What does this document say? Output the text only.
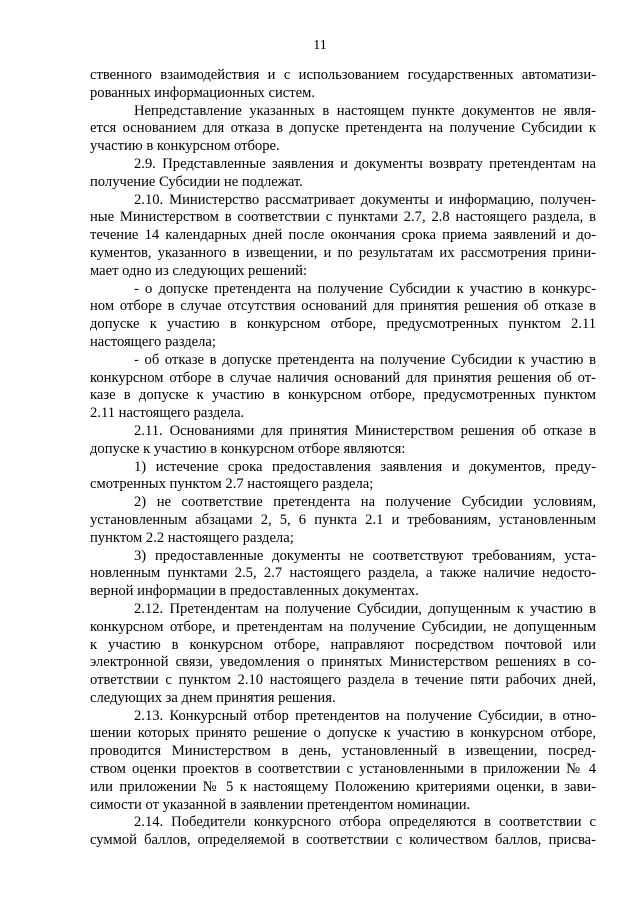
11
ственного взаимодействия и с использованием государственных автоматизи-
рованных информационных систем.
Непредставление указанных в настоящем пункте документов не явля-
ется основанием для отказа в допуске претендента на получение Субсидии к
участию в конкурсном отборе.
2.9. Представленные заявления и документы возврату претендентам на
получение Субсидии не подлежат.
2.10. Министерство рассматривает документы и информацию, получен-
ные Министерством в соответствии с пунктами 2.7, 2.8 настоящего раздела, в
течение 14 календарных дней после окончания срока приема заявлений и до-
кументов, указанного в извещении, и по результатам их рассмотрения прини-
мает одно из следующих решений:
- о допуске претендента на получение Субсидии к участию в конкурс-
ном отборе в случае отсутствия оснований для принятия решения об отказе в
допуске к участию в конкурсном отборе, предусмотренных пунктом 2.11
настоящего раздела;
- об отказе в допуске претендента на получение Субсидии к участию в
конкурсном отборе в случае наличия оснований для принятия решения об от-
казе в допуске к участию в конкурсном отборе, предусмотренных пунктом
2.11 настоящего раздела.
2.11. Основаниями для принятия Министерством решения об отказе в
допуске к участию в конкурсном отборе являются:
1) истечение срока предоставления заявления и документов, преду-
смотренных пунктом 2.7 настоящего раздела;
2) не соответствие претендента на получение Субсидии условиям,
установленным абзацами 2, 5, 6 пункта 2.1 и требованиям, установленным
пунктом 2.2 настоящего раздела;
3) предоставленные документы не соответствуют требованиям, уста-
новленным пунктами 2.5, 2.7 настоящего раздела, а также наличие недосто-
верной информации в предоставленных документах.
2.12. Претендентам на получение Субсидии, допущенным к участию в
конкурсном отборе, и претендентам на получение Субсидии, не допущенным
к участию в конкурсном отборе, направляют посредством почтовой или
электронной связи, уведомления о принятых Министерством решениях в со-
ответствии с пунктом 2.10 настоящего раздела в течение пяти рабочих дней,
следующих за днем принятия решения.
2.13. Конкурсный отбор претендентов на получение Субсидии, в отно-
шении которых принято решение о допуске к участию в конкурсном отборе,
проводится Министерством в день, установленный в извещении, посред-
ством оценки проектов в соответствии с установленными в приложении № 4
или приложении № 5 к настоящему Положению критериями оценки, в зави-
симости от указанной в заявлении претендентом номинации.
2.14. Победители конкурсного отбора определяются в соответствии с
суммой баллов, определяемой в соответствии с количеством баллов, присва-
